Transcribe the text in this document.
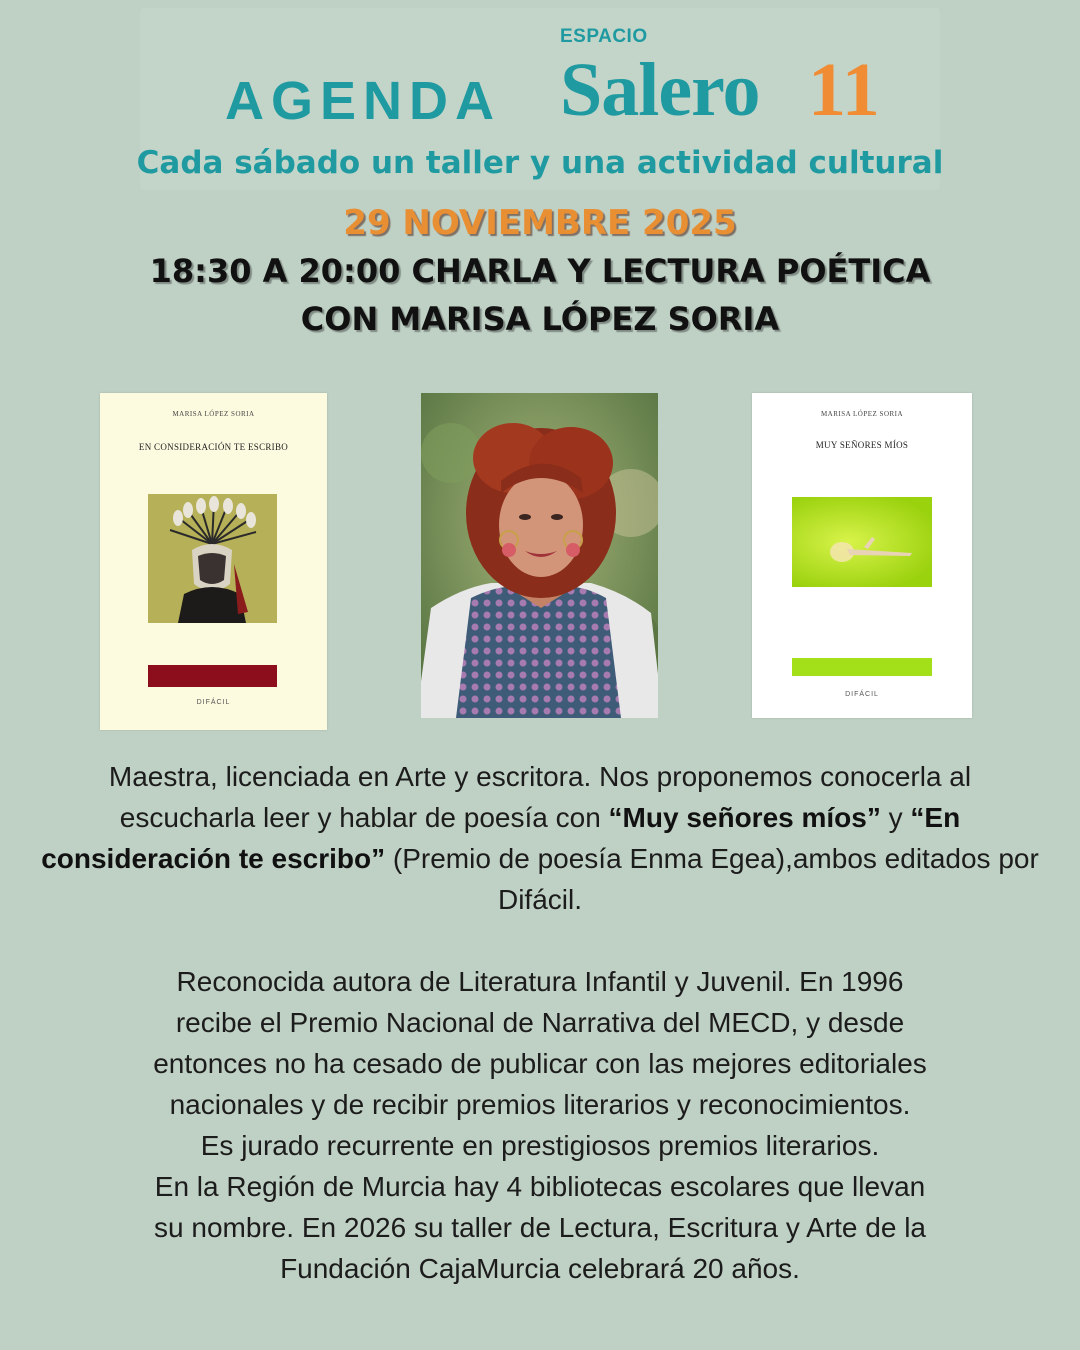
ESPACIO
AGENDA Salero 11
Cada sábado un taller y una actividad cultural
29 NOVIEMBRE 2025
18:30 A 20:00 CHARLA Y LECTURA POÉTICA
CON MARISA LÓPEZ SORIA
MARISA LÓPEZ SORIA
EN CONSIDERACIÓN TE ESCRIBO
DIFÁCIL
MARISA LÓPEZ SORIA
MUY SEÑORES MÍOS
DIFÁCIL
Maestra, licenciada en Arte y escritora. Nos proponemos conocerla al escucharla leer y hablar de poesía con “Muy señores míos” y “En consideración te escribo” (Premio de poesía Enma Egea),ambos editados por Difácil.
Reconocida autora de Literatura Infantil y Juvenil. En 1996
recibe el Premio Nacional de Narrativa del MECD, y desde
entonces no ha cesado de publicar con las mejores editoriales
nacionales y de recibir premios literarios y reconocimientos.
Es jurado recurrente en prestigiosos premios literarios.
En la Región de Murcia hay 4 bibliotecas escolares que llevan
su nombre. En 2026 su taller de Lectura, Escritura y Arte de la
Fundación CajaMurcia celebrará 20 años.
